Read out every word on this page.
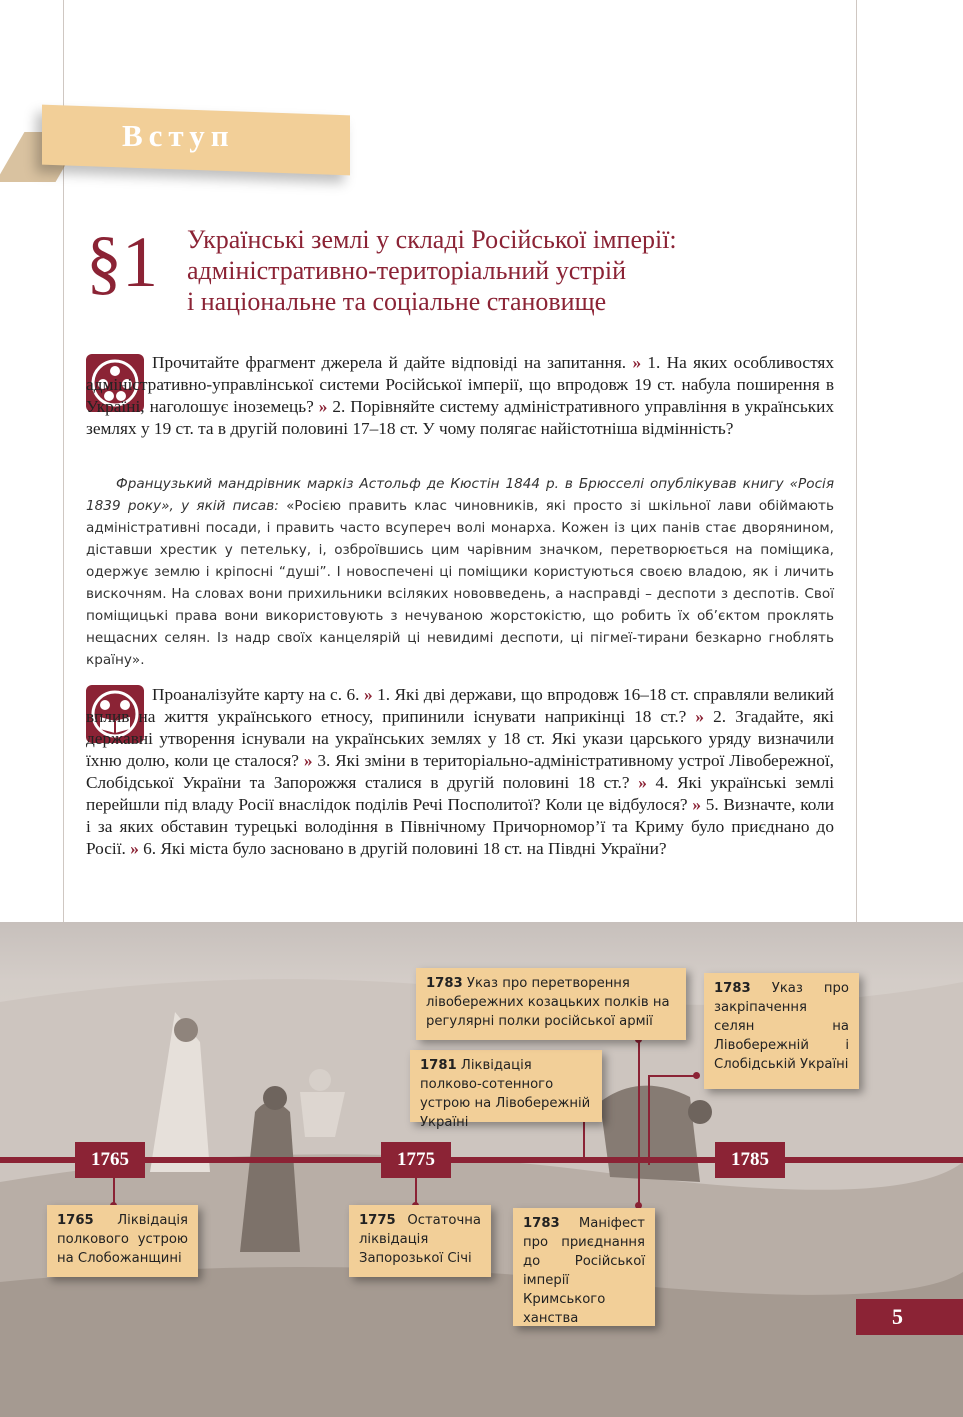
Вступ
§1 Українські землі у складі Російської імперії:
адміністративно-територіальний устрій
і національне та соціальне становище
Прочитайте фрагмент джерела й дайте відповіді на запитання. » 1. На яких особливостях адміністративно-управлінської системи Російської імперії, що впродовж 19 ст. набула поширення в Україні, наголошує іноземець? » 2. Порівняйте систему адміністративного управління в українських землях у 19 ст. та в другій половині 17–18 ст. У чому полягає найістотніша відмінність?
Французький мандрівник маркіз Астольф де Кюстін 1844 р. в Брюсселі опублікував книгу «Росія 1839 року», у якій писав: «Росією править клас чиновників, які просто зі шкільної лави обіймають адміністративні посади, і править часто всупереч волі монарха. Кожен із цих панів стає дворянином, діставши хрестик у петельку, і, озброївшись цим чарівним значком, перетворюється на поміщика, одержує землю і кріпосні “душі”. І новоспечені ці поміщики користуються своєю владою, як і личить вискочням. На словах вони прихильники всіляких нововведень, а насправді – деспоти з деспотів. Свої поміщицькі права вони використовують з нечуваною жорстокістю, що робить їх об’єктом проклять нещасних селян. Із надр своїх канцелярій ці невидимі деспоти, ці пігмеї-тирани безкарно гноблять країну».
Проаналізуйте карту на с. 6. » 1. Які дві держави, що впродовж 16–18 ст. справляли великий вплив на життя українського етносу, припинили існувати наприкінці 18 ст.? » 2. Згадайте, які державні утворення існували на українських землях у 18 ст. Які укази царського уряду визначили їхню долю, коли це сталося? » 3. Які зміни в територіально-адміністративному устрої Лівобережної, Слобідської України та Запорожжя сталися в другій половині 18 ст.? » 4. Які українські землі перейшли під владу Росії внаслідок поділів Речі Посполитої? Коли це відбулося? » 5. Визначте, коли і за яких обставин турецькі володіння в Північному Причорномор’ї та Криму було приєднано до Росії. » 6. Які міста було засновано в другій половині 18 ст. на Півдні України?
1765	1775	1785
1765 Ліквідація полкового устрою на Слобожанщині
1775 Остаточна ліквідація Запорозької Січі
1783 Маніфест про приєднання до Російської імперії Кримського ханства
1781 Ліквідація полково-сотенного устрою на Лівобережній Україні
1783 Указ про перетворення лівобережних козацьких полків на регулярні полки російської армії
1783 Указ про закріпачення селян на Лівобережній і Слобідській Україні
5
